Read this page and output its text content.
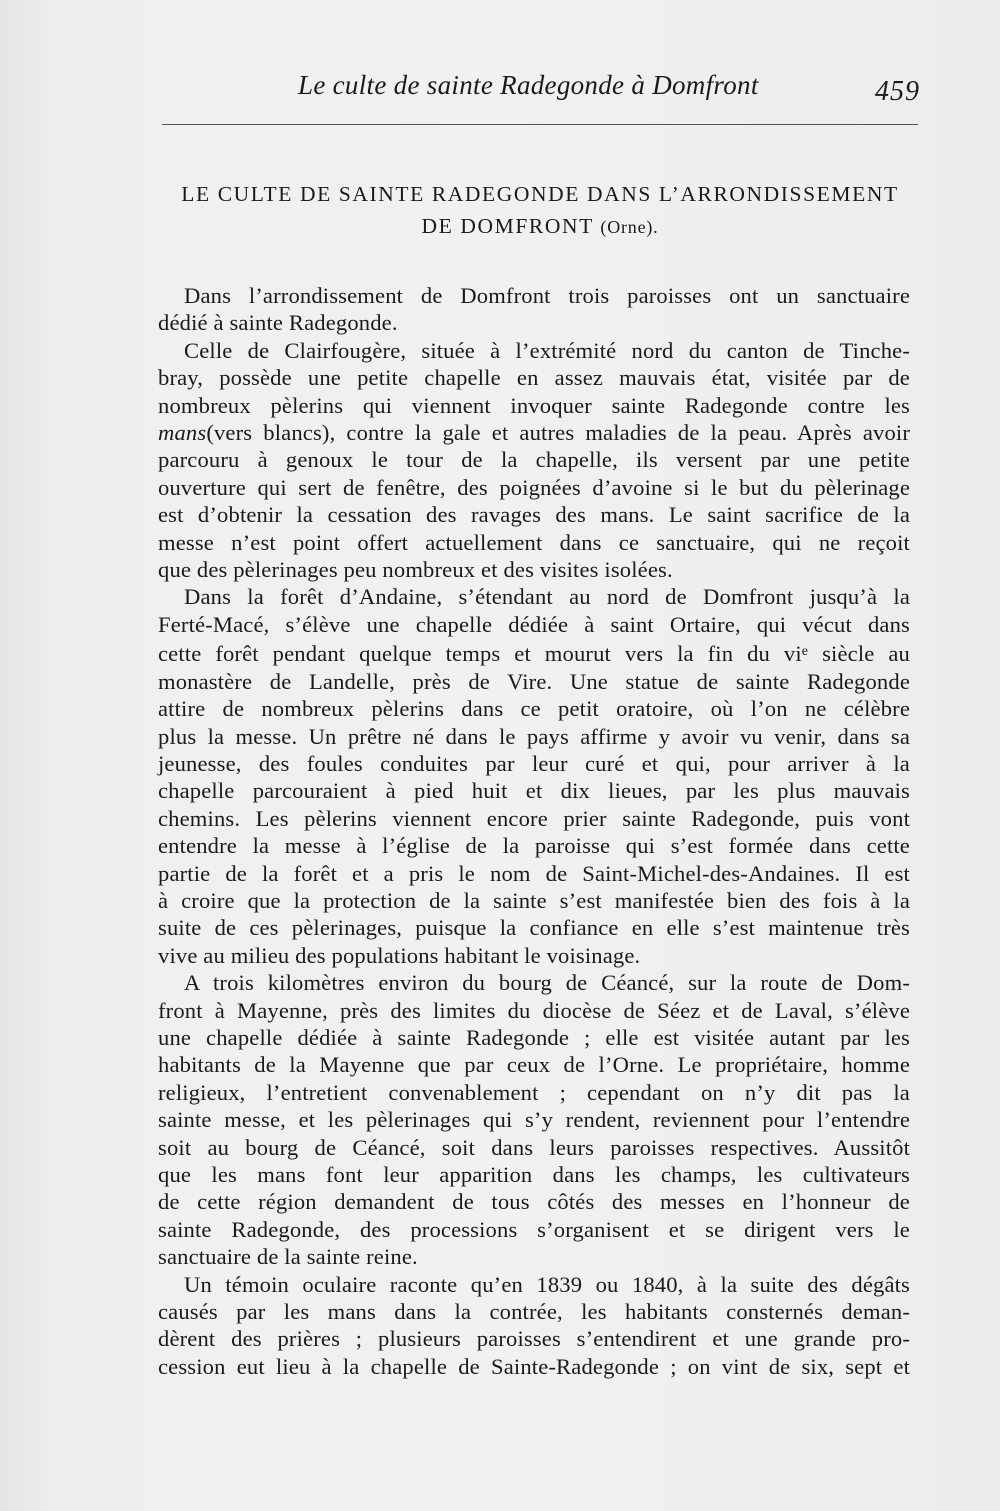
Le culte de sainte Radegonde à Domfront	459
LE CULTE DE SAINTE RADEGONDE DANS L’ARRONDISSEMENT
DE DOMFRONT (Orne).
Dans l’arrondissement de Domfront trois paroisses ont un sanctuaire
dédié à sainte Radegonde.
Celle de Clairfougère, située à l’extrémité nord du canton de Tinche-
bray, possède une petite chapelle en assez mauvais état, visitée par de
nombreux pèlerins qui viennent invoquer sainte Radegonde contre les
mans(vers blancs), contre la gale et autres maladies de la peau. Après avoir
parcouru à genoux le tour de la chapelle, ils versent par une petite
ouverture qui sert de fenêtre, des poignées d’avoine si le but du pèlerinage
est d’obtenir la cessation des ravages des mans. Le saint sacrifice de la
messe n’est point offert actuellement dans ce sanctuaire, qui ne reçoit
que des pèlerinages peu nombreux et des visites isolées.
Dans la forêt d’Andaine, s’étendant au nord de Domfront jusqu’à la
Ferté-Macé, s’élève une chapelle dédiée à saint Ortaire, qui vécut dans
cette forêt pendant quelque temps et mourut vers la fin du $vi^e$ siècle au
monastère de Landelle, près de Vire. Une statue de sainte Radegonde
attire de nombreux pèlerins dans ce petit oratoire, où l’on ne célèbre
plus la messe. Un prêtre né dans le pays affirme y avoir vu venir, dans sa
jeunesse, des foules conduites par leur curé et qui, pour arriver à la
chapelle parcouraient à pied huit et dix lieues, par les plus mauvais
chemins. Les pèlerins viennent encore prier sainte Radegonde, puis vont
entendre la messe à l’église de la paroisse qui s’est formée dans cette
partie de la forêt et a pris le nom de Saint-Michel-des-Andaines. Il est
à croire que la protection de la sainte s’est manifestée bien des fois à la
suite de ces pèlerinages, puisque la confiance en elle s’est maintenue très
vive au milieu des populations habitant le voisinage.
A trois kilomètres environ du bourg de Céancé, sur la route de Dom-
front à Mayenne, près des limites du diocèse de Séez et de Laval, s’élève
une chapelle dédiée à sainte Radegonde ; elle est visitée autant par les
habitants de la Mayenne que par ceux de l’Orne. Le propriétaire, homme
religieux, l’entretient convenablement ; cependant on n’y dit pas la
sainte messe, et les pèlerinages qui s’y rendent, reviennent pour l’entendre
soit au bourg de Céancé, soit dans leurs paroisses respectives. Aussitôt
que les mans font leur apparition dans les champs, les cultivateurs
de cette région demandent de tous côtés des messes en l’honneur de
sainte Radegonde, des processions s’organisent et se dirigent vers le
sanctuaire de la sainte reine.
Un témoin oculaire raconte qu’en 1839 ou 1840, à la suite des dégâts
causés par les mans dans la contrée, les habitants consternés deman-
dèrent des prières ; plusieurs paroisses s’entendirent et une grande pro-
cession eut lieu à la chapelle de Sainte-Radegonde ; on vint de six, sept et
